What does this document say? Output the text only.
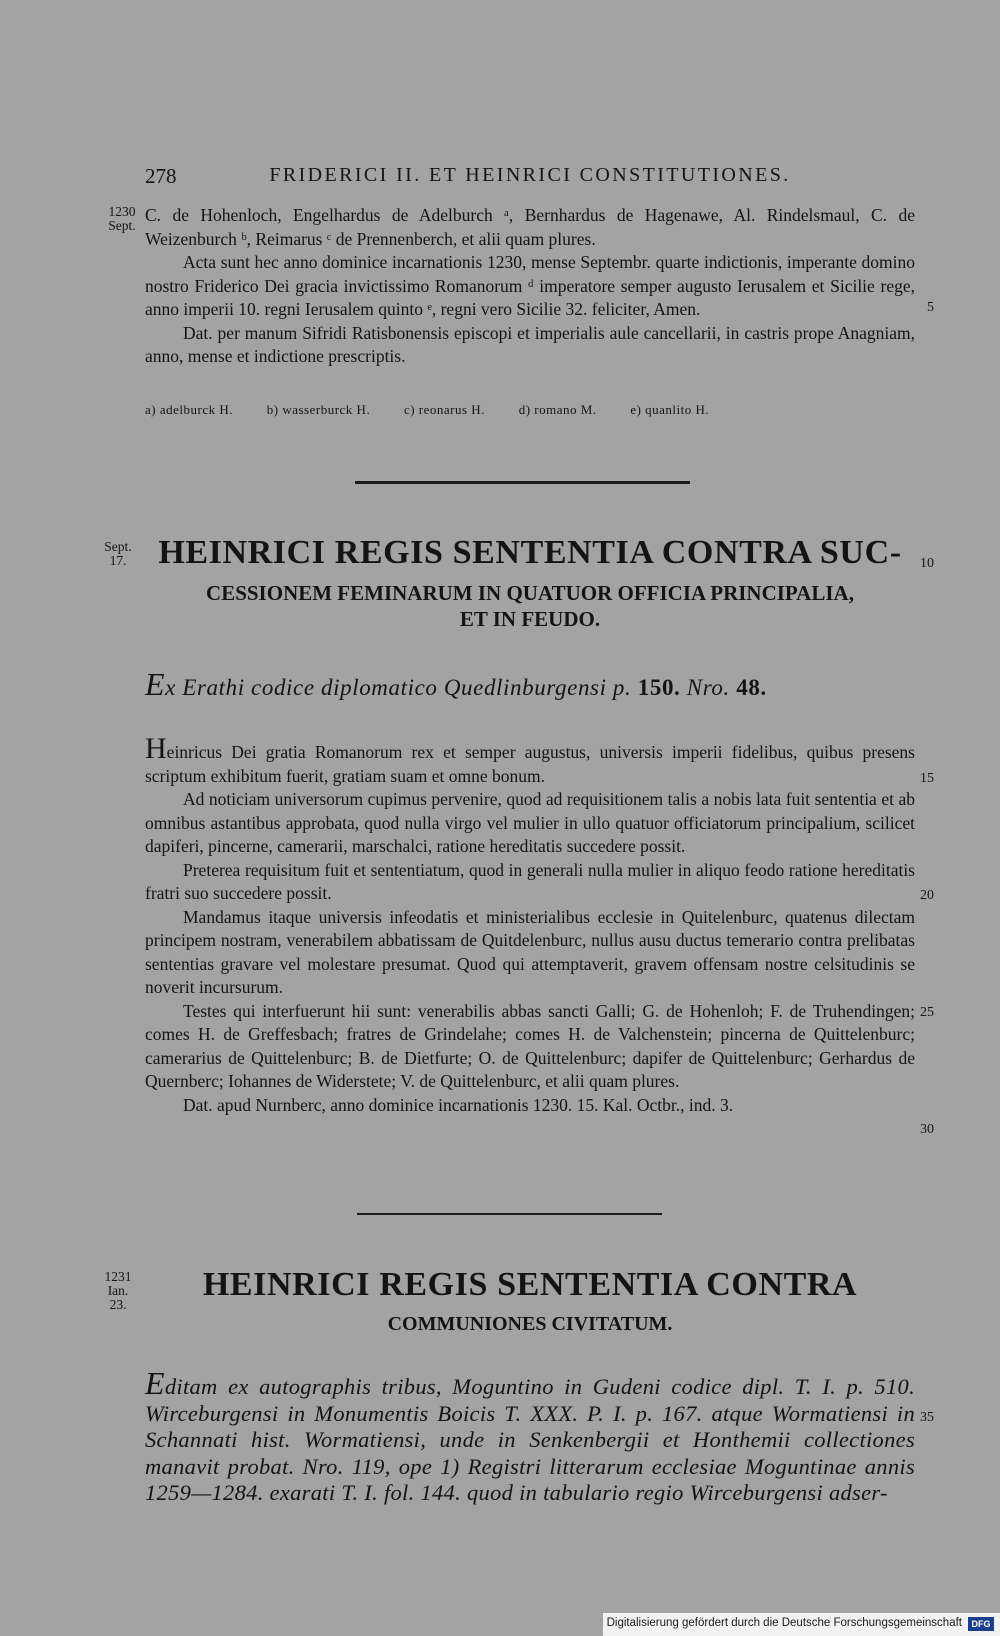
278	FRIDERICI II. ET HEINRICI CONSTITUTIONES.
1230
Sept.

C. de Hohenloch, Engelhardus de Adelburch ᵃ, Bernhardus de Hagenawe, Al. Rindelsmaul, C. de Weizenburch ᵇ, Reimarus ᶜ de Prennenberch, et alii quam plures.

Acta sunt hec anno dominice incarnationis 1230, mense Septembr. quarte indictionis, imperante domino nostro Friderico Dei gracia invictissimo Romanorum ᵈ imperatore semper augusto Ierusalem et Sicilie rege, anno imperii 10. regni Ierusalem quinto ᵉ, regni vero Sicilie 32. feliciter, Amen.

Dat. per manum Sifridi Ratisbonensis episcopi et imperialis aule cancellarii, in castris prope Anagniam, anno, mense et indictione prescriptis.

5
a) adelburck H.	b) wasserburck H.	c) reonarus H.	d) romano M.	e) quanlito H.
Sept.
17. HEINRICI REGIS SENTENTIA CONTRA SUC-	10
CESSIONEM FEMINARUM IN QUATUOR OFFICIA PRINCIPALIA,
ET IN FEUDO.
Ex Erathi codice diplomatico Quedlinburgensi p. 150. Nro. 48.

Heinricus Dei gratia Romanorum rex et semper augustus, universis imperii fidelibus, quibus presens scriptum exhibitum fuerit, gratiam suam et omne bonum.

Ad noticiam universorum cupimus pervenire, quod ad requisitionem talis a nobis lata fuit sententia et ab omnibus astantibus approbata, quod nulla virgo vel mulier in ullo quatuor officiatorum principalium, scilicet dapiferi, pincerne, camerarii, marschalci, ratione hereditatis succedere possit.

Preterea requisitum fuit et sententiatum, quod in generali nulla mulier in aliquo feodo ratione hereditatis fratri suo succedere possit.

Mandamus itaque universis infeodatis et ministerialibus ecclesie in Quitelenburc, quatenus dilectam principem nostram, venerabilem abbatissam de Quitdelenburc, nullus ausu ductus temerario contra prelibatas sententias gravare vel molestare presumat. Quod qui attemptaverit, gravem offensam nostre celsitudinis se noverit incursurum.

Testes qui interfuerunt hii sunt: venerabilis abbas sancti Galli; G. de Hohenloh; F. de Truhendingen; comes H. de Greffesbach; fratres de Grindelahe; comes H. de Valchenstein; pincerna de Quittelenburc; camerarius de Quittelenburc; B. de Dietfurte; O. de Quittelenburc; dapifer de Quittelenburc; Gerhardus de Quernberc; Iohannes de Widerstete; V. de Quittelenburc, et alii quam plures.

Dat. apud Nurnberc, anno dominice incarnationis 1230. 15. Kal. Octbr., ind. 3.

15
20
25
30
1231
Ian.
23.
HEINRICI REGIS SENTENTIA CONTRA
COMMUNIONES CIVITATUM.
Editam ex autographis tribus, Moguntino in Gudeni codice dipl. T. I. p. 510. Wirceburgensi in Monumentis Boicis T. XXX. P. I. p. 167. atque Wormatiensi in Schannati hist. Wormatiensi, unde in Senkenbergii et Honthemii collectiones manavit probat. Nro. 119, ope 1) Registri litterarum ecclesiae Moguntinae annis 1259—1284. exarati T. I. fol. 144. quod in tabulario regio Wirceburgensi adser-
35
Digitalisierung gefördert durch die Deutsche Forschungsgemeinschaft	DFG
